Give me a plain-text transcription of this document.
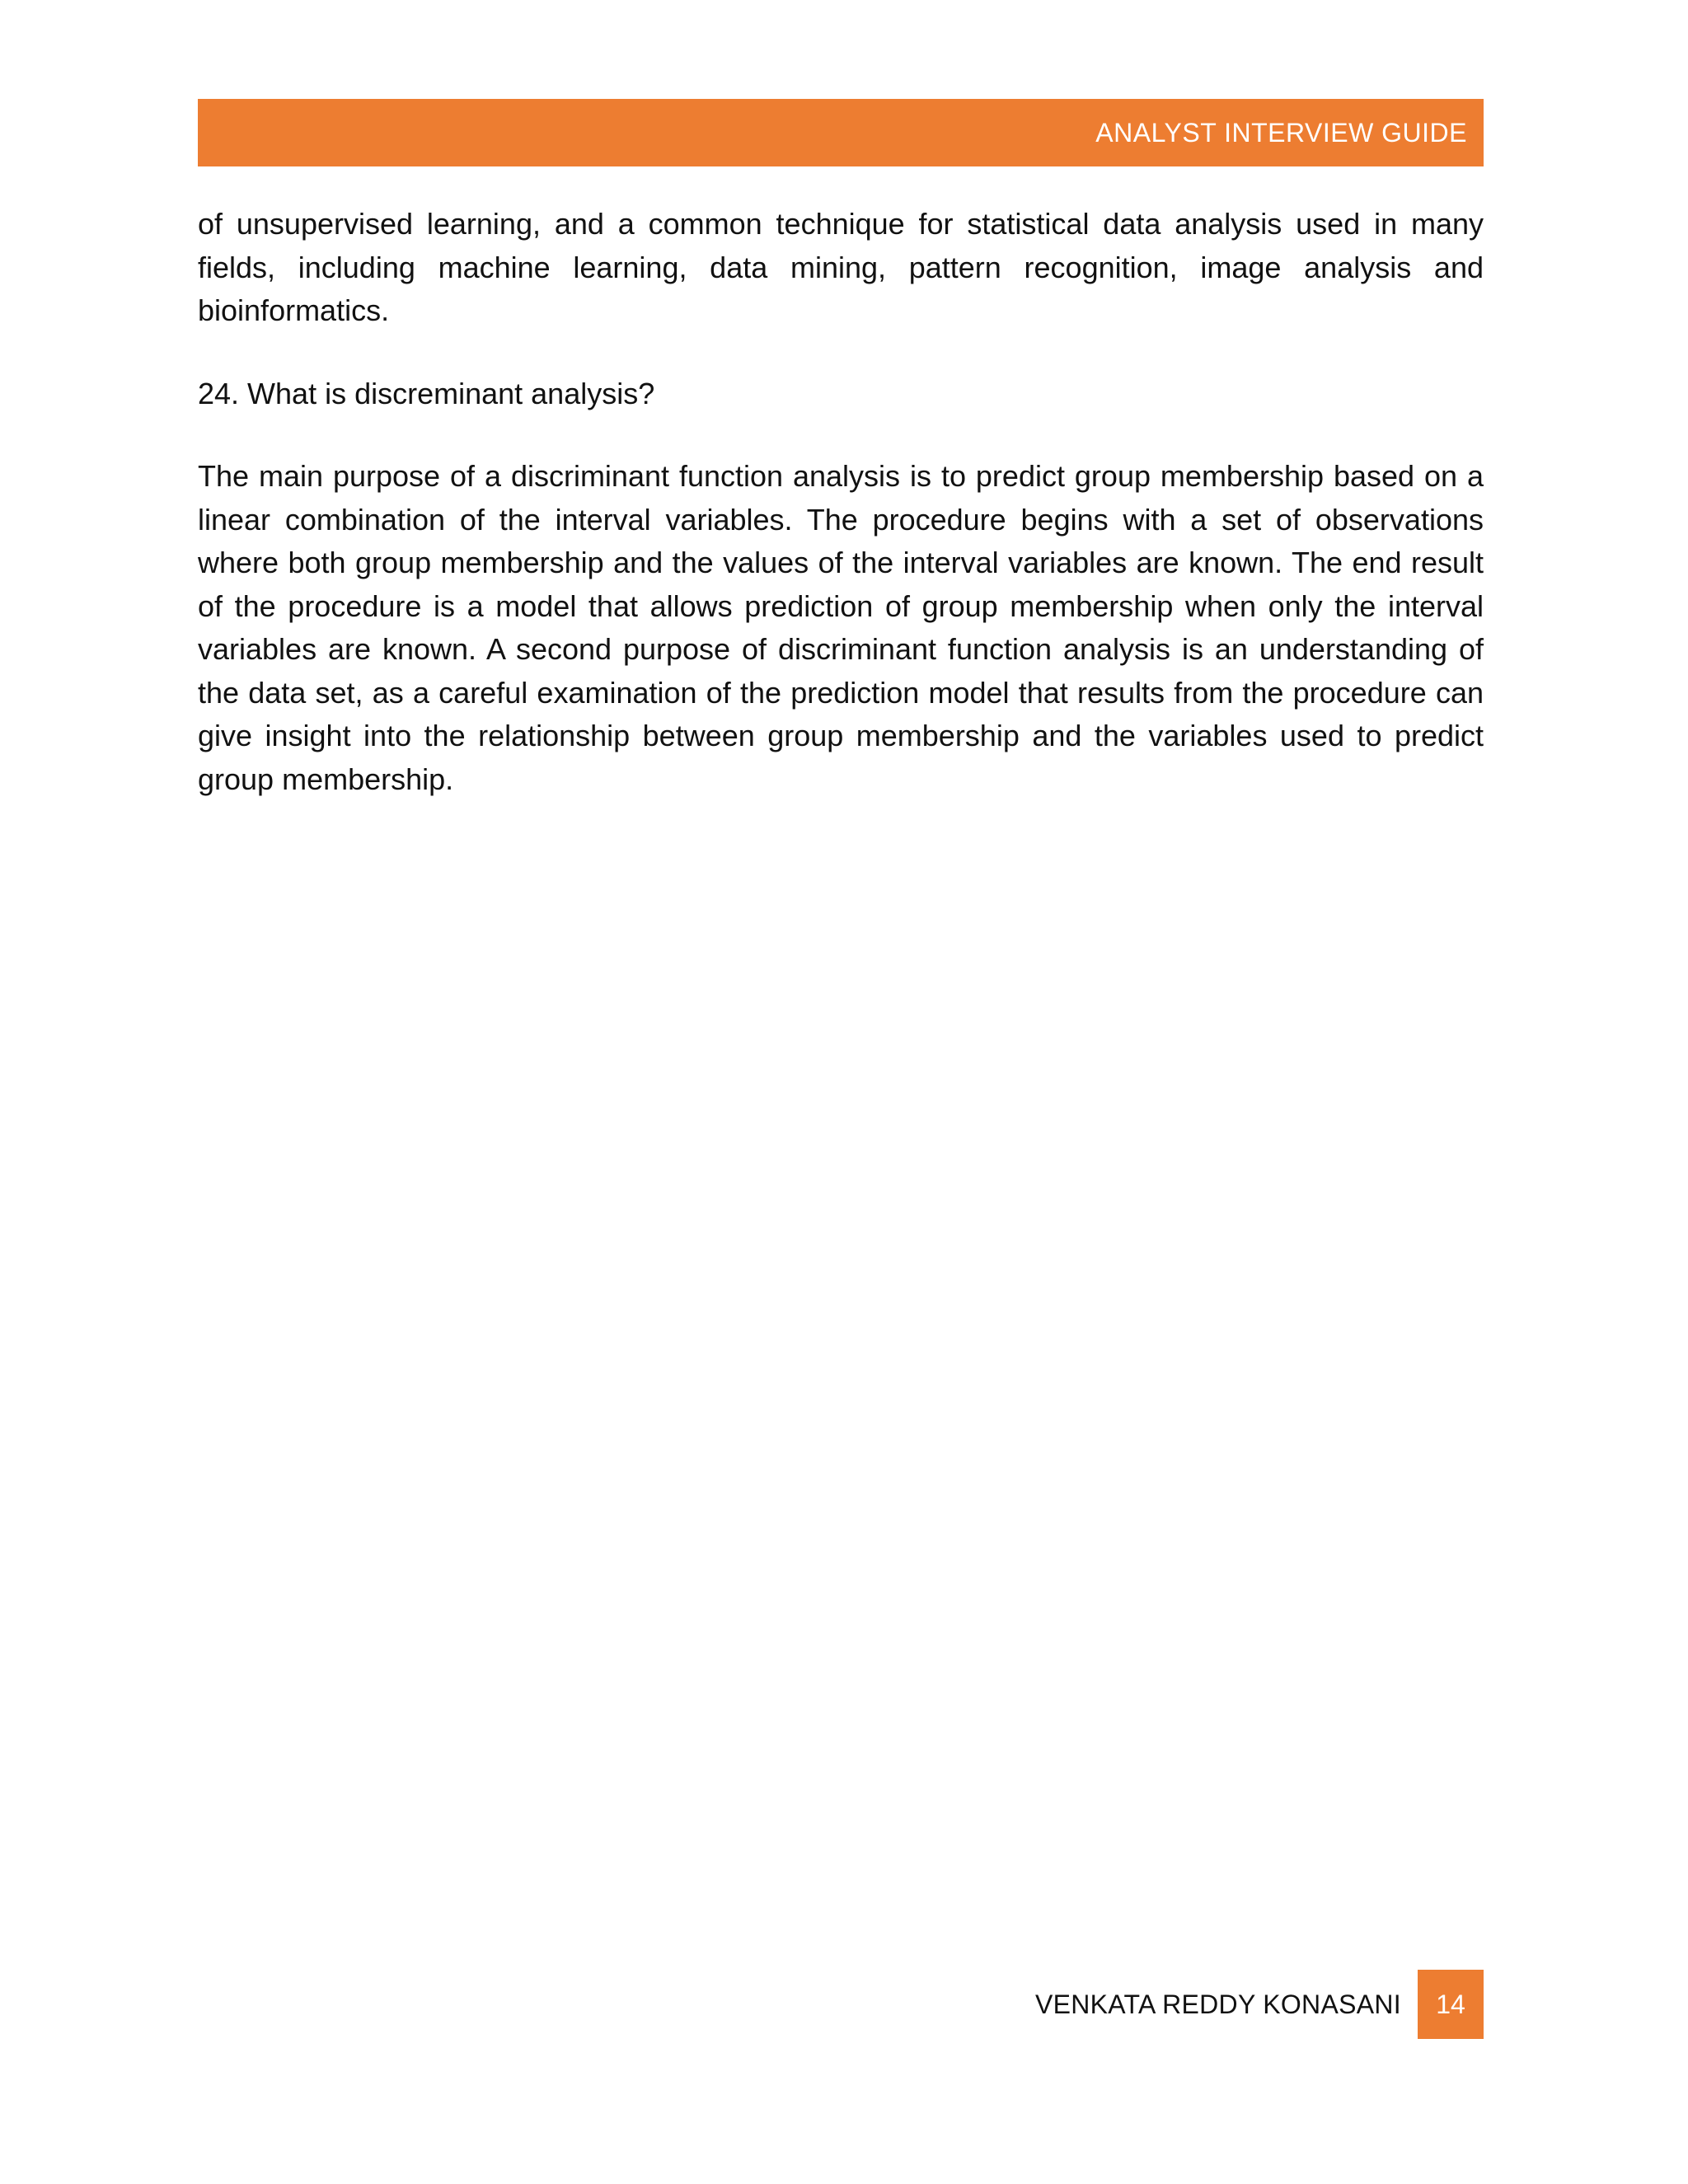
ANALYST INTERVIEW GUIDE

of unsupervised learning, and a common technique for statistical data analysis used in many fields, including machine learning, data mining, pattern recognition, image analysis and bioinformatics.

24. What is discreminant analysis?

The main purpose of a discriminant function analysis is to predict group membership based on a linear combination of the interval variables. The procedure begins with a set of observations where both group membership and the values of the interval variables are known. The end result of the procedure is a model that allows prediction of group membership when only the interval variables are known. A second purpose of discriminant function analysis is an understanding of the data set, as a careful examination of the prediction model that results from the procedure can give insight into the relationship between group membership and the variables used to predict group membership.

VENKATA REDDY KONASANI	14
